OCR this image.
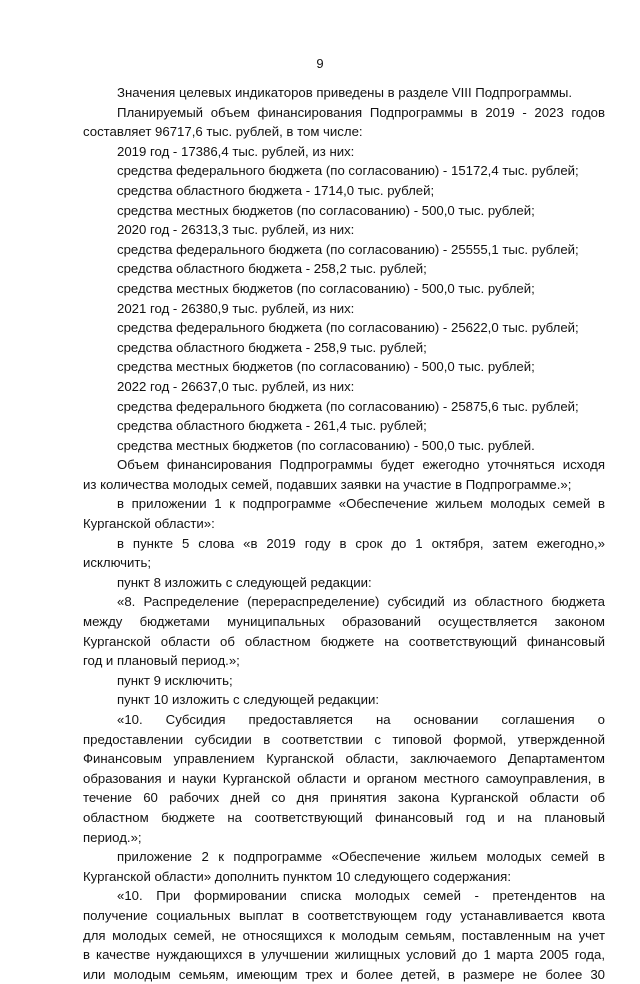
9
Значения целевых индикаторов приведены в разделе VIII Подпрограммы.
Планируемый объем финансирования Подпрограммы в 2019 - 2023 годов
составляет 96717,6 тыс. рублей, в том числе:
2019 год - 17386,4 тыс. рублей, из них:
средства федерального бюджета (по согласованию) - 15172,4 тыс. рублей;
средства областного бюджета - 1714,0 тыс. рублей;
средства местных бюджетов (по согласованию) - 500,0 тыс. рублей;
2020 год - 26313,3 тыс. рублей, из них:
средства федерального бюджета (по согласованию) - 25555,1 тыс. рублей;
средства областного бюджета - 258,2 тыс. рублей;
средства местных бюджетов (по согласованию) - 500,0 тыс. рублей;
2021 год - 26380,9 тыс. рублей, из них:
средства федерального бюджета (по согласованию) - 25622,0 тыс. рублей;
средства областного бюджета - 258,9 тыс. рублей;
средства местных бюджетов (по согласованию) - 500,0 тыс. рублей;
2022 год - 26637,0 тыс. рублей, из них:
средства федерального бюджета (по согласованию) - 25875,6 тыс. рублей;
средства областного бюджета - 261,4 тыс. рублей;
средства местных бюджетов (по согласованию) - 500,0 тыс. рублей.
Объем финансирования Подпрограммы будет ежегодно уточняться исходя
из количества молодых семей, подавших заявки на участие в Подпрограмме.»;
в приложении 1 к подпрограмме «Обеспечение жильем молодых семей в
Курганской области»:
в пункте 5 слова «в 2019 году в срок до 1 октября, затем ежегодно,»
исключить;
пункт 8 изложить с следующей редакции:
«8. Распределение (перераспределение) субсидий из областного бюджета
между бюджетами муниципальных образований осуществляется законом
Курганской области об областном бюджете на соответствующий финансовый
год и плановый период.»;
пункт 9 исключить;
пункт 10 изложить с следующей редакции:
«10. Субсидия предоставляется на основании соглашения о
предоставлении субсидии в соответствии с типовой формой, утвержденной
Финансовым управлением Курганской области, заключаемого Департаментом
образования и науки Курганской области и органом местного самоуправления, в
течение 60 рабочих дней со дня принятия закона Курганской области об
областном бюджете на соответствующий финансовый год и на плановый
период.»;
приложение 2 к подпрограмме «Обеспечение жильем молодых семей в
Курганской области» дополнить пунктом 10 следующего содержания:
«10. При формировании списка молодых семей - претендентов на
получение социальных выплат в соответствующем году устанавливается квота
для молодых семей, не относящихся к молодым семьям, поставленным на учет
в качестве нуждающихся в улучшении жилищных условий до 1 марта 2005 года,
или молодым семьям, имеющим трех и более детей, в размере не более 30
